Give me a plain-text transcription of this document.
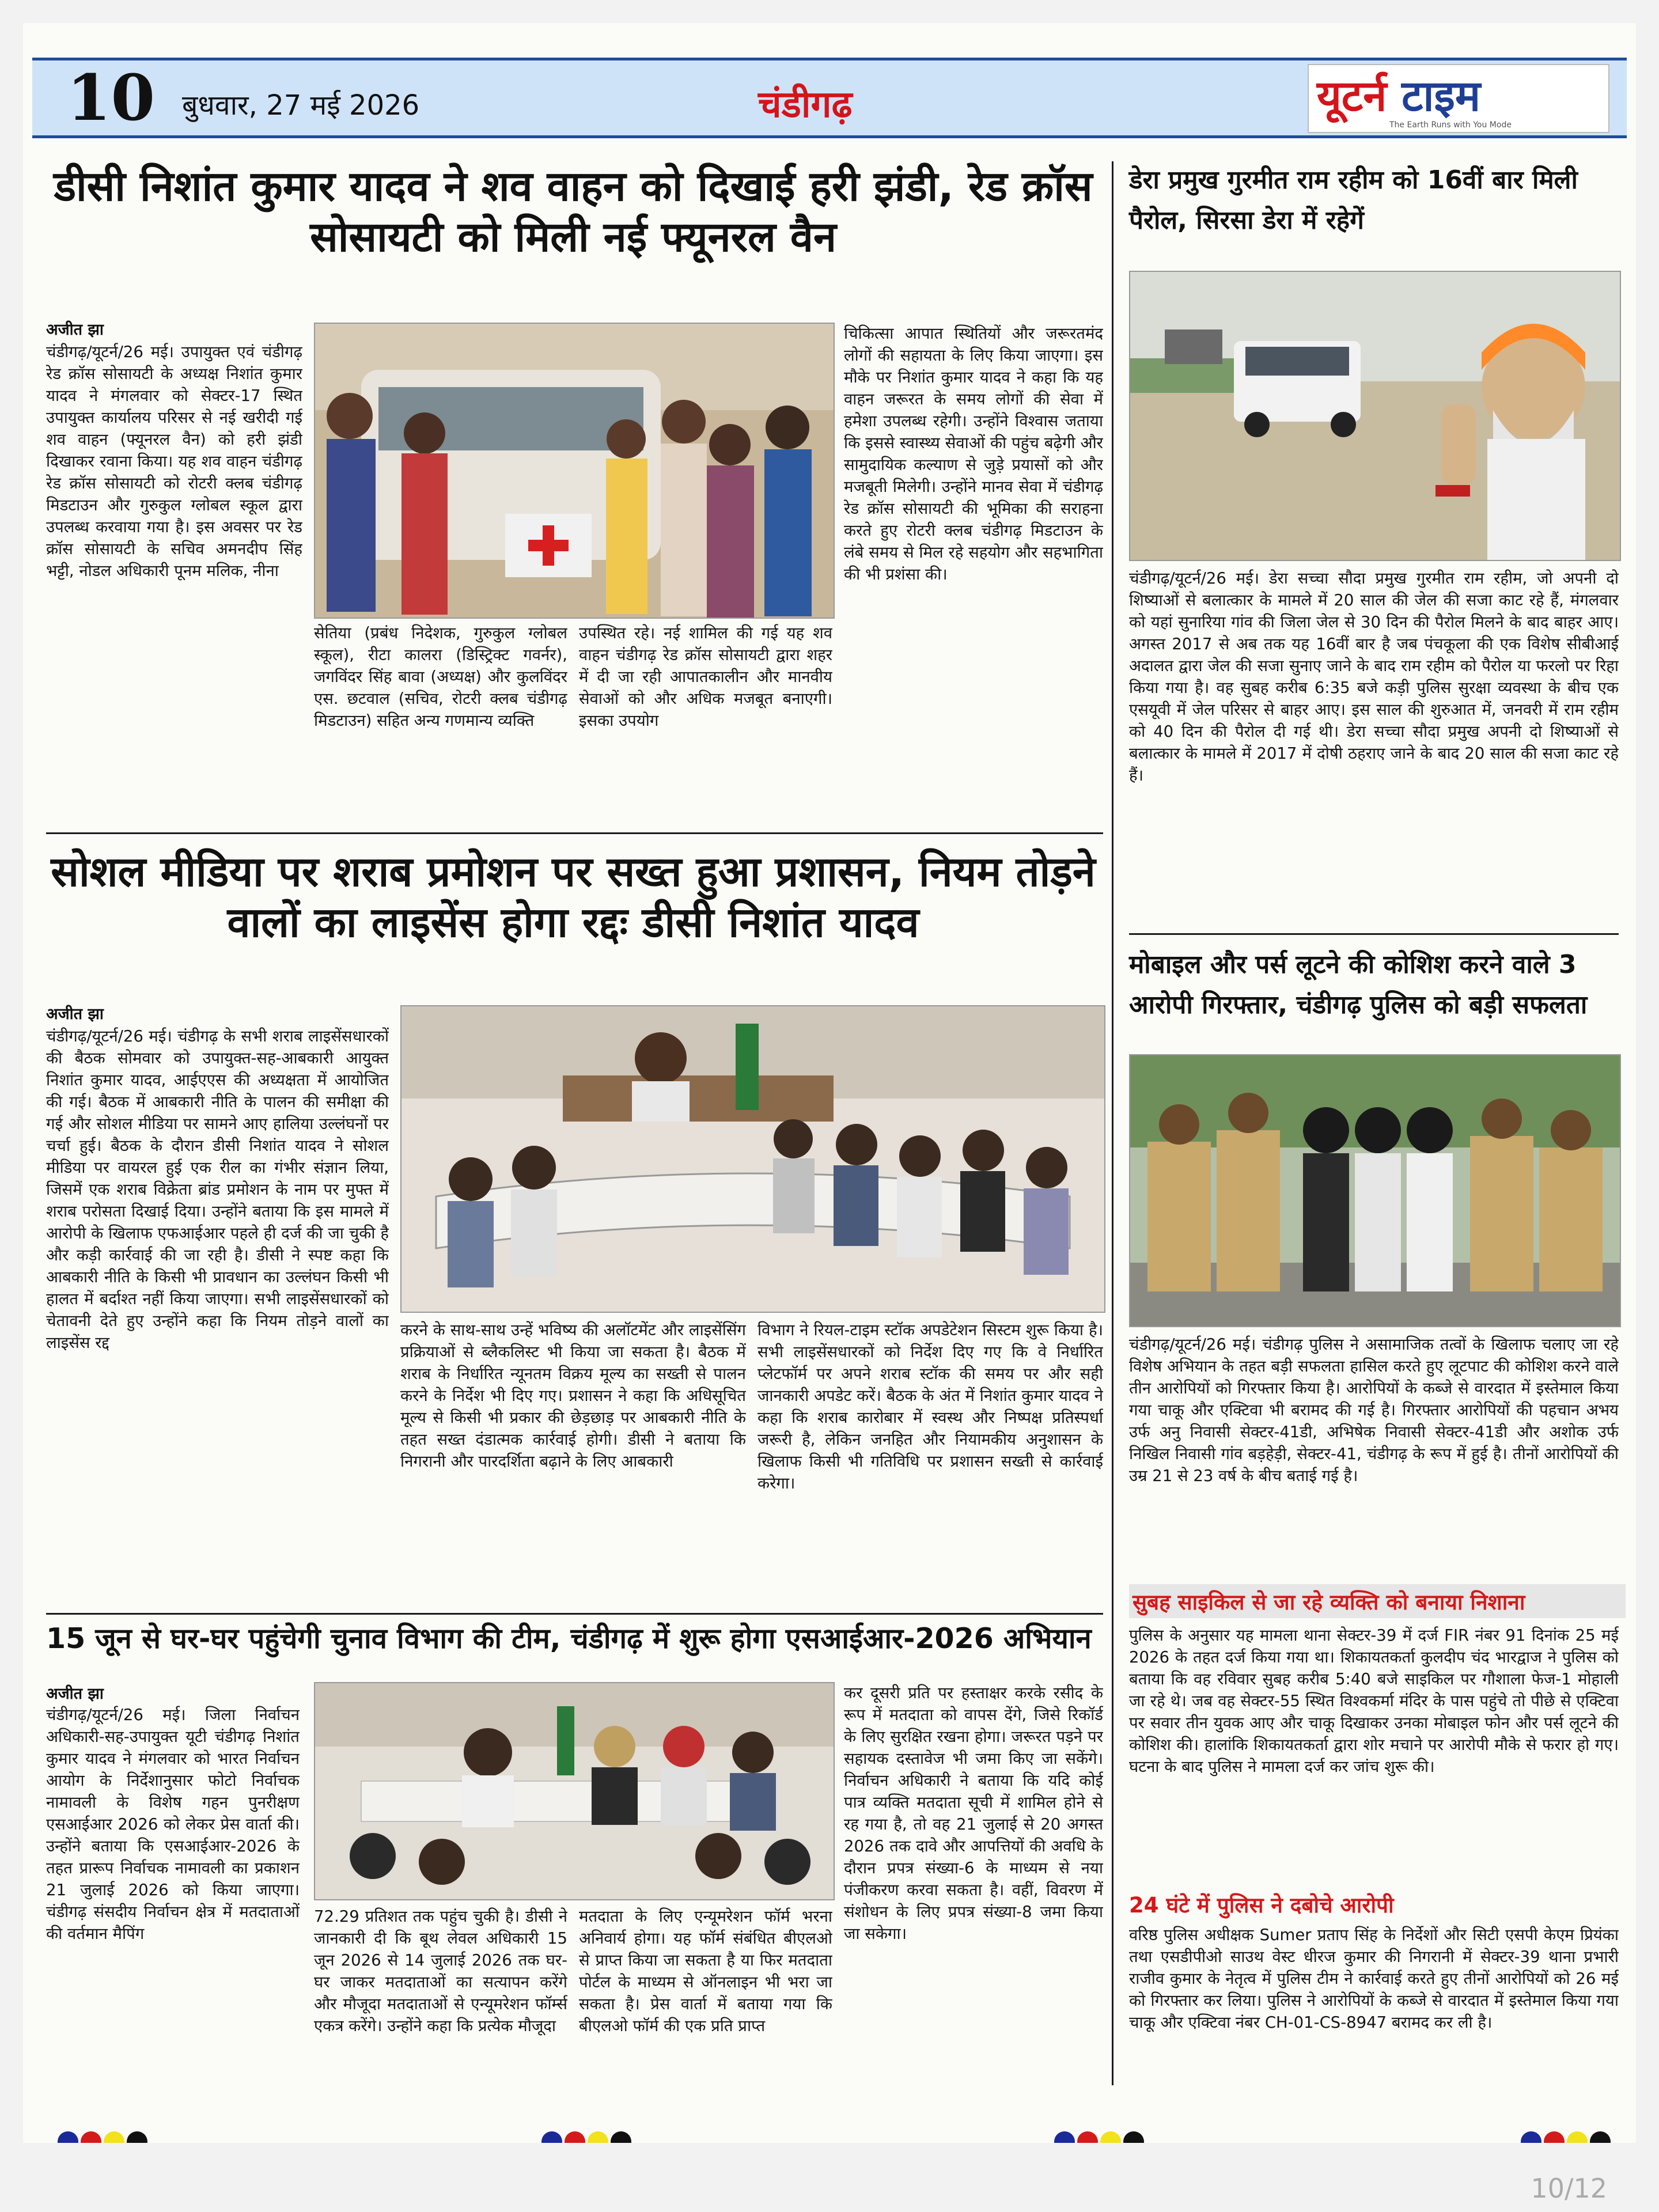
10 बुधवार, 27 मई 2026	चंडीगढ़	यूटर्न टाइम
The Earth Runs with You Mode
डीसी निशांत कुमार यादव ने शव वाहन को दिखाई हरी झंडी, रेड क्रॉस सोसायटी को मिली नई फ्यूनरल वैन
अजीत झा
चंडीगढ़/यूटर्न/26 मई। उपायुक्त एवं चंडीगढ़ रेड क्रॉस सोसायटी के अध्यक्ष निशांत कुमार यादव ने मंगलवार को सेक्टर-17 स्थित उपायुक्त कार्यालय परिसर से नई खरीदी गई शव वाहन (फ्यूनरल वैन) को हरी झंडी दिखाकर रवाना किया। यह शव वाहन चंडीगढ़ रेड क्रॉस सोसायटी को रोटरी क्लब चंडीगढ़ मिडटाउन और गुरुकुल ग्लोबल स्कूल द्वारा उपलब्ध करवाया गया है। इस अवसर पर रेड क्रॉस सोसायटी के सचिव अमनदीप सिंह भट्टी, नोडल अधिकारी पूनम मलिक, नीना
सेतिया (प्रबंध निदेशक, गुरुकुल ग्लोबल स्कूल), रीटा कालरा (डिस्ट्रिक्ट गवर्नर), जगविंदर सिंह बावा (अध्यक्ष) और कुलविंदर एस. छटवाल (सचिव, रोटरी क्लब चंडीगढ़ मिडटाउन) सहित अन्य गणमान्य व्यक्ति
उपस्थित रहे। नई शामिल की गई यह शव वाहन चंडीगढ़ रेड क्रॉस सोसायटी द्वारा शहर में दी जा रही आपातकालीन और मानवीय सेवाओं को और अधिक मजबूत बनाएगी। इसका उपयोग
चिकित्सा आपात स्थितियों और जरूरतमंद लोगों की सहायता के लिए किया जाएगा। इस मौके पर निशांत कुमार यादव ने कहा कि यह वाहन जरूरत के समय लोगों की सेवा में हमेशा उपलब्ध रहेगी। उन्होंने विश्वास जताया कि इससे स्वास्थ्य सेवाओं की पहुंच बढ़ेगी और सामुदायिक कल्याण से जुड़े प्रयासों को और मजबूती मिलेगी। उन्होंने मानव सेवा में चंडीगढ़ रेड क्रॉस सोसायटी की भूमिका की सराहना करते हुए रोटरी क्लब चंडीगढ़ मिडटाउन के लंबे समय से मिल रहे सहयोग और सहभागिता की भी प्रशंसा की।
सोशल मीडिया पर शराब प्रमोशन पर सख्त हुआ प्रशासन, नियम तोड़ने वालों का लाइसेंस होगा रद्दः डीसी निशांत यादव
अजीत झा
चंडीगढ़/यूटर्न/26 मई। चंडीगढ़ के सभी शराब लाइसेंसधारकों की बैठक सोमवार को उपायुक्त-सह-आबकारी आयुक्त निशांत कुमार यादव, आईएएस की अध्यक्षता में आयोजित की गई। बैठक में आबकारी नीति के पालन की समीक्षा की गई और सोशल मीडिया पर सामने आए हालिया उल्लंघनों पर चर्चा हुई। बैठक के दौरान डीसी निशांत यादव ने सोशल मीडिया पर वायरल हुई एक रील का गंभीर संज्ञान लिया, जिसमें एक शराब विक्रेता ब्रांड प्रमोशन के नाम पर मुफ्त में शराब परोसता दिखाई दिया। उन्होंने बताया कि इस मामले में आरोपी के खिलाफ एफआईआर पहले ही दर्ज की जा चुकी है और कड़ी कार्रवाई की जा रही है। डीसी ने स्पष्ट कहा कि आबकारी नीति के किसी भी प्रावधान का उल्लंघन किसी भी हालत में बर्दाश्त नहीं किया जाएगा। सभी लाइसेंसधारकों को चेतावनी देते हुए उन्होंने कहा कि नियम तोड़ने वालों का लाइसेंस रद्द
करने के साथ-साथ उन्हें भविष्य की अलॉटमेंट और लाइसेंसिंग प्रक्रियाओं से ब्लैकलिस्ट भी किया जा सकता है। बैठक में शराब के निर्धारित न्यूनतम विक्रय मूल्य का सख्ती से पालन करने के निर्देश भी दिए गए। प्रशासन ने कहा कि अधिसूचित मूल्य से किसी भी प्रकार की छेड़छाड़ पर आबकारी नीति के तहत सख्त दंडात्मक कार्रवाई होगी। डीसी ने बताया कि निगरानी और पारदर्शिता बढ़ाने के लिए आबकारी
विभाग ने रियल-टाइम स्टॉक अपडेटेशन सिस्टम शुरू किया है। सभी लाइसेंसधारकों को निर्देश दिए गए कि वे निर्धारित प्लेटफॉर्म पर अपने शराब स्टॉक की समय पर और सही जानकारी अपडेट करें। बैठक के अंत में निशांत कुमार यादव ने कहा कि शराब कारोबार में स्वस्थ और निष्पक्ष प्रतिस्पर्धा जरूरी है, लेकिन जनहित और नियामकीय अनुशासन के खिलाफ किसी भी गतिविधि पर प्रशासन सख्ती से कार्रवाई करेगा।
15 जून से घर-घर पहुंचेगी चुनाव विभाग की टीम, चंडीगढ़ में शुरू होगा एसआईआर-2026 अभियान
अजीत झा
चंडीगढ़/यूटर्न/26 मई। जिला निर्वाचन अधिकारी-सह-उपायुक्त यूटी चंडीगढ़ निशांत कुमार यादव ने मंगलवार को भारत निर्वाचन आयोग के निर्देशानुसार फोटो निर्वाचक नामावली के विशेष गहन पुनरीक्षण एसआईआर 2026 को लेकर प्रेस वार्ता की। उन्होंने बताया कि एसआईआर-2026 के तहत प्रारूप निर्वाचक नामावली का प्रकाशन 21 जुलाई 2026 को किया जाएगा। चंडीगढ़ संसदीय निर्वाचन क्षेत्र में मतदाताओं की वर्तमान मैपिंग
72.29 प्रतिशत तक पहुंच चुकी है। डीसी ने जानकारी दी कि बूथ लेवल अधिकारी 15 जून 2026 से 14 जुलाई 2026 तक घर-घर जाकर मतदाताओं का सत्यापन करेंगे और मौजूदा मतदाताओं से एन्यूमरेशन फॉर्म्स एकत्र करेंगे। उन्होंने कहा कि प्रत्येक मौजूदा
मतदाता के लिए एन्यूमरेशन फॉर्म भरना अनिवार्य होगा। यह फॉर्म संबंधित बीएलओ से प्राप्त किया जा सकता है या फिर मतदाता पोर्टल के माध्यम से ऑनलाइन भी भरा जा सकता है। प्रेस वार्ता में बताया गया कि बीएलओ फॉर्म की एक प्रति प्राप्त
कर दूसरी प्रति पर हस्ताक्षर करके रसीद के रूप में मतदाता को वापस देंगे, जिसे रिकॉर्ड के लिए सुरक्षित रखना होगा। जरूरत पड़ने पर सहायक दस्तावेज भी जमा किए जा सकेंगे। निर्वाचन अधिकारी ने बताया कि यदि कोई पात्र व्यक्ति मतदाता सूची में शामिल होने से रह गया है, तो वह 21 जुलाई से 20 अगस्त 2026 तक दावे और आपत्तियों की अवधि के दौरान प्रपत्र संख्या-6 के माध्यम से नया पंजीकरण करवा सकता है। वहीं, विवरण में संशोधन के लिए प्रपत्र संख्या-8 जमा किया जा सकेगा।
डेरा प्रमुख गुरमीत राम रहीम को 16वीं बार मिली पैरोल, सिरसा डेरा में रहेगें
चंडीगढ़/यूटर्न/26 मई। डेरा सच्चा सौदा प्रमुख गुरमीत राम रहीम, जो अपनी दो शिष्याओं से बलात्कार के मामले में 20 साल की जेल की सजा काट रहे हैं, मंगलवार को यहां सुनारिया गांव की जिला जेल से 30 दिन की पैरोल मिलने के बाद बाहर आए। अगस्त 2017 से अब तक यह 16वीं बार है जब पंचकूला की एक विशेष सीबीआई अदालत द्वारा जेल की सजा सुनाए जाने के बाद राम रहीम को पैरोल या फरलो पर रिहा किया गया है। वह सुबह करीब 6:35 बजे कड़ी पुलिस सुरक्षा व्यवस्था के बीच एक एसयूवी में जेल परिसर से बाहर आए। इस साल की शुरुआत में, जनवरी में राम रहीम को 40 दिन की पैरोल दी गई थी। डेरा सच्चा सौदा प्रमुख अपनी दो शिष्याओं से बलात्कार के मामले में 2017 में दोषी ठहराए जाने के बाद 20 साल की सजा काट रहे हैं।
मोबाइल और पर्स लूटने की कोशिश करने वाले 3 आरोपी गिरफ्तार, चंडीगढ़ पुलिस को बड़ी सफलता
चंडीगढ़/यूटर्न/26 मई। चंडीगढ़ पुलिस ने असामाजिक तत्वों के खिलाफ चलाए जा रहे विशेष अभियान के तहत बड़ी सफलता हासिल करते हुए लूटपाट की कोशिश करने वाले तीन आरोपियों को गिरफ्तार किया है। आरोपियों के कब्जे से वारदात में इस्तेमाल किया गया चाकू और एक्टिवा भी बरामद की गई है। गिरफ्तार आरोपियों की पहचान अभय उर्फ अनु निवासी सेक्टर-41डी, अभिषेक निवासी सेक्टर-41डी और अशोक उर्फ निखिल निवासी गांव बड़हेड़ी, सेक्टर-41, चंडीगढ़ के रूप में हुई है। तीनों आरोपियों की उम्र 21 से 23 वर्ष के बीच बताई गई है।
सुबह साइकिल से जा रहे व्यक्ति को बनाया निशाना
पुलिस के अनुसार यह मामला थाना सेक्टर-39 में दर्ज FIR नंबर 91 दिनांक 25 मई 2026 के तहत दर्ज किया गया था। शिकायतकर्ता कुलदीप चंद भारद्वाज ने पुलिस को बताया कि वह रविवार सुबह करीब 5:40 बजे साइकिल पर गौशाला फेज-1 मोहाली जा रहे थे। जब वह सेक्टर-55 स्थित विश्वकर्मा मंदिर के पास पहुंचे तो पीछे से एक्टिवा पर सवार तीन युवक आए और चाकू दिखाकर उनका मोबाइल फोन और पर्स लूटने की कोशिश की। हालांकि शिकायतकर्ता द्वारा शोर मचाने पर आरोपी मौके से फरार हो गए। घटना के बाद पुलिस ने मामला दर्ज कर जांच शुरू की।
24 घंटे में पुलिस ने दबोचे आरोपी
वरिष्ठ पुलिस अधीक्षक Sumer प्रताप सिंह के निर्देशों और सिटी एसपी केएम प्रियंका तथा एसडीपीओ साउथ वेस्ट धीरज कुमार की निगरानी में सेक्टर-39 थाना प्रभारी राजीव कुमार के नेतृत्व में पुलिस टीम ने कार्रवाई करते हुए तीनों आरोपियों को 26 मई को गिरफ्तार कर लिया। पुलिस ने आरोपियों के कब्जे से वारदात में इस्तेमाल किया गया चाकू और एक्टिवा नंबर CH-01-CS-8947 बरामद कर ली है।
10/12
